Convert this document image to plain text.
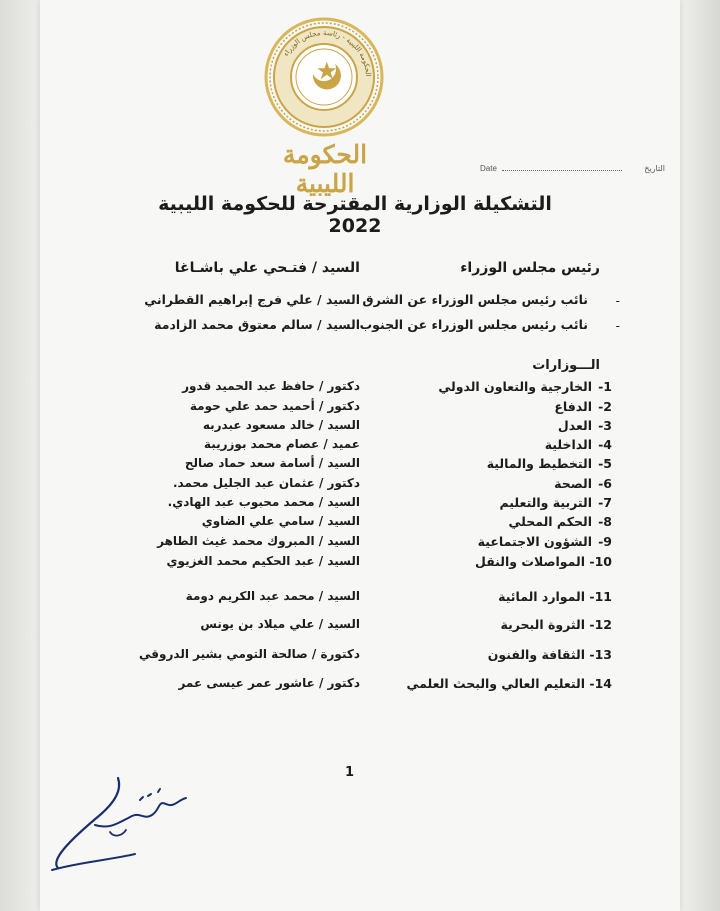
الحكومة الليبية - رئاسة مجلس الوزراء
الحكومة الليبية
Date	التاريخ
التشكيلة الوزارية المقترحة للحكومة الليبية 2022
رئيس مجلس الوزراء
السيد / فتـحي علي باشـاغا
-
نائب رئيس مجلس الوزراء عن الشرق
السيد / علي فرج إبراهيم القطراني
-
نائب رئيس مجلس الوزراء عن الجنوب
السيد / سالم معتوق محمد الزادمة
الـــوزارات
1-
الخارجية والتعاون الدولي
دكتور / حافظ عبد الحميد قدور
2-
الدفاع
دكتور / أحميد حمد علي حومة
3-
العدل
السيد / خالد مسعود عبدربه
4-
الداخلية
عميد / عصام محمد بوزريبة
5-
التخطيط والمالية
السيد / أسامة سعد حماد صالح
6-
الصحة
دكتور / عثمان عبد الجليل محمد.
7-
التربية والتعليم
السيد / محمد محبوب عبد الهادي.
8-
الحكم المحلي
السيد / سامي علي الضاوي
9-
الشؤون الاجتماعية
السيد / المبروك محمد غيث الطاهر
10-
المواصلات والنقل
السيد / عبد الحكيم محمد الغزيوي
11-
الموارد المائية
السيد / محمد عبد الكريم دومة
12-
الثروة البحرية
السيد / علي ميلاد بن يونس
13-
الثقافة والفنون
دكتورة / صالحة التومي بشير الدروقي
14-
التعليم العالي والبحث العلمي
دكتور / عاشور عمر عيسى عمر
1
